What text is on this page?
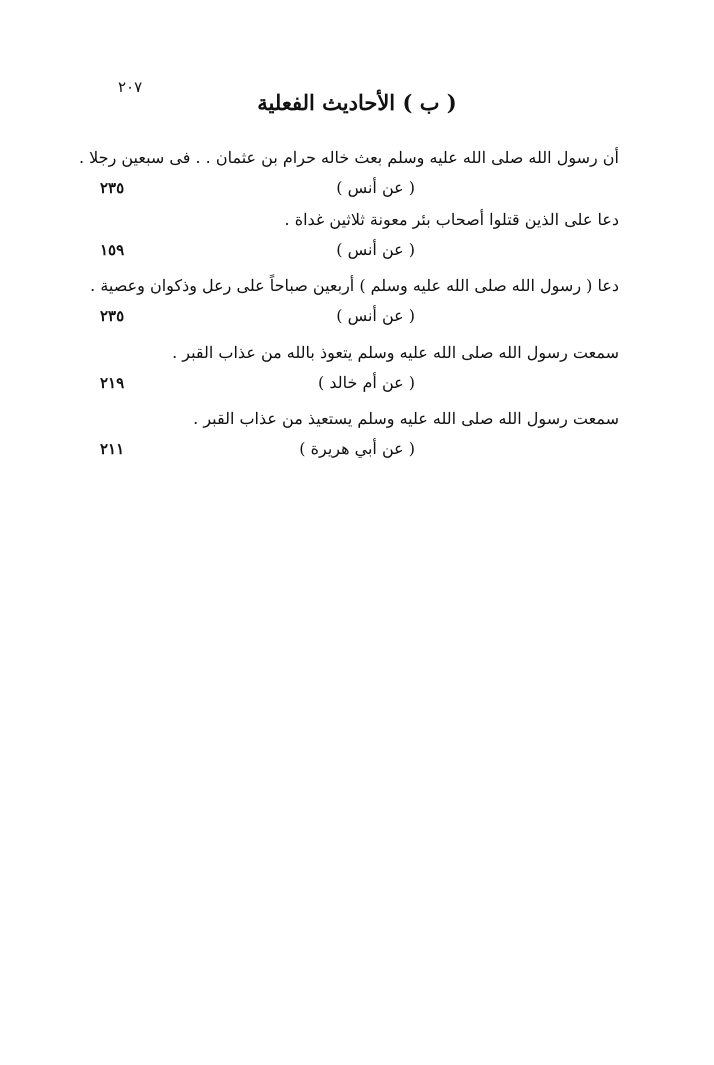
٢٠٧
( ب ) الأحاديث الفعلية
أن رسول الله صلى الله عليه وسلم بعث خاله حرام بن عثمان . . فى سبعين رجلا .
( عن أنس )
٢٣٥
دعا على الذين قتلوا أصحاب بئر معونة ثلاثين غداة .
( عن أنس )
١٥٩
دعا ( رسول الله صلى الله عليه وسلم ) أربعين صباحاً على رعل وذكوان وعصية .
( عن أنس )
٢٣٥
سمعت رسول الله صلى الله عليه وسلم يتعوذ بالله من عذاب القبر .
( عن أم خالد )
٢١٩
سمعت رسول الله صلى الله عليه وسلم يستعيذ من عذاب القبر .
( عن أبي هريرة )
٢١١
